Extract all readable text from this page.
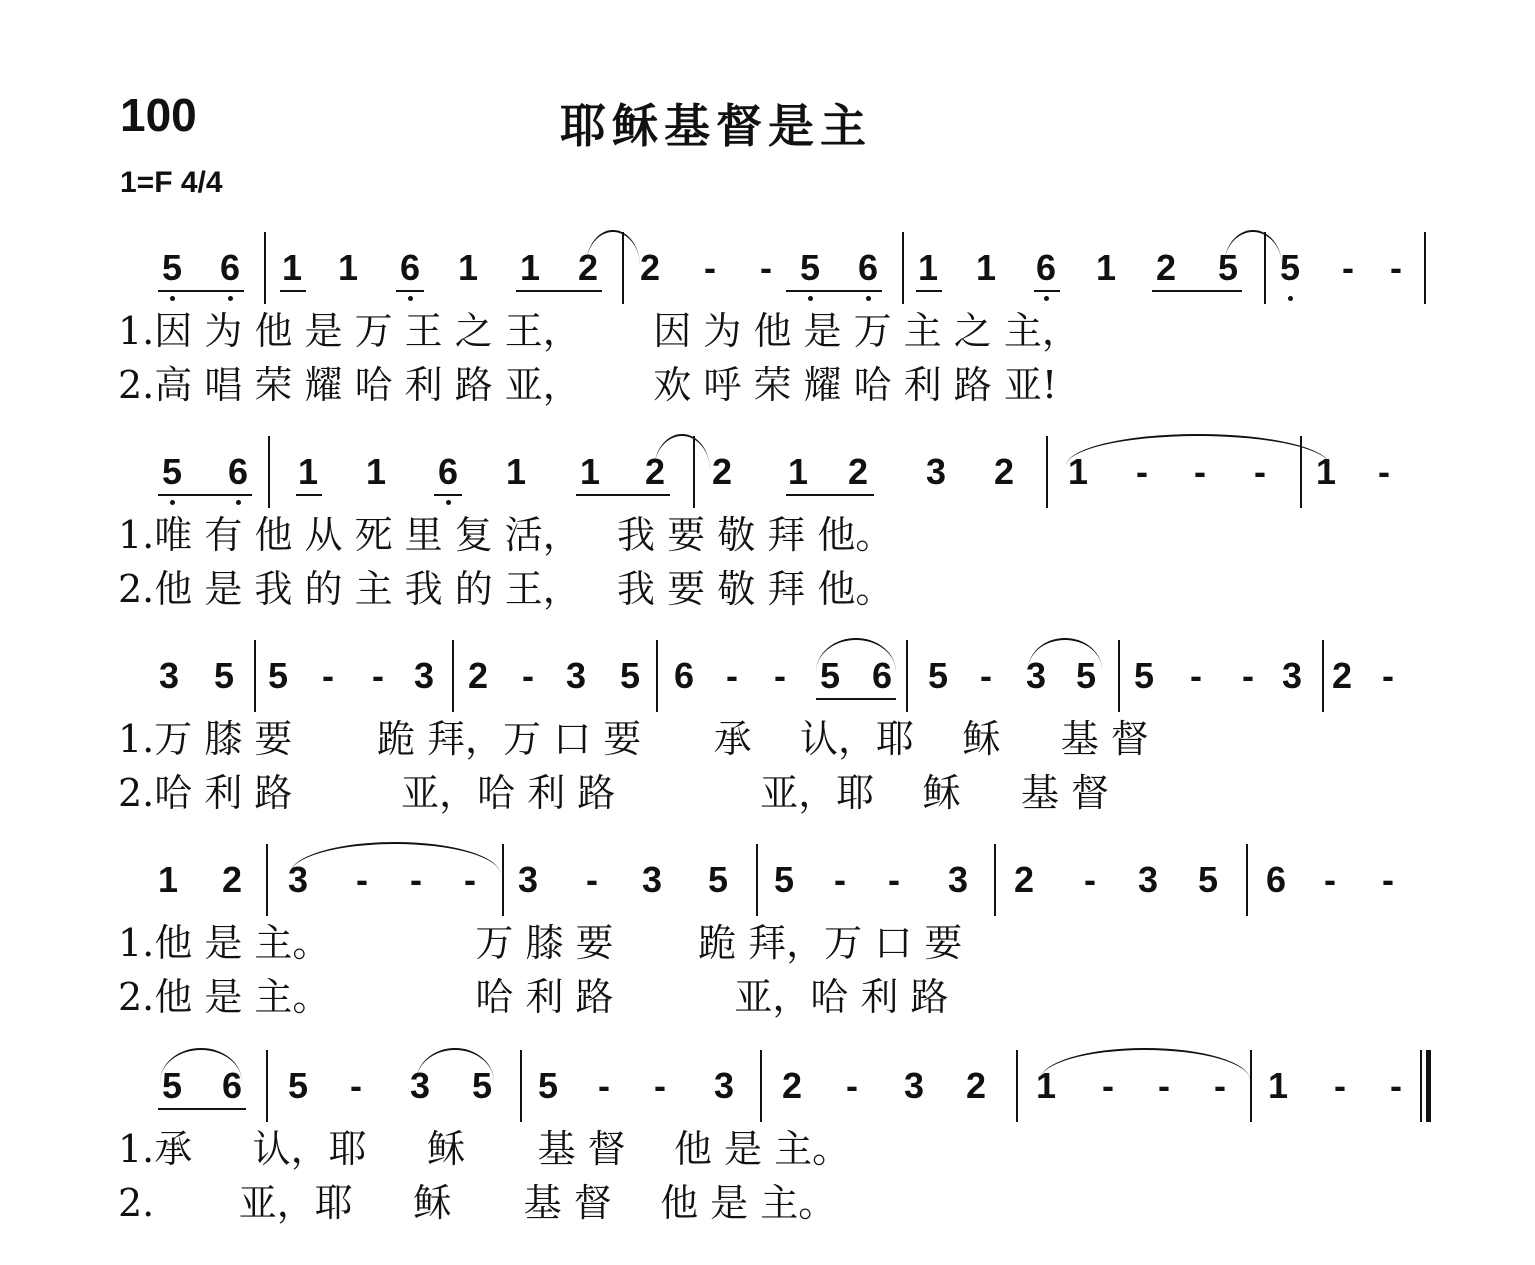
100	耶稣基督是主
1=F 4/4
5 6 1 1 6 1 1 2 2 - - 5 6 1 1 6 1 2 5 5 - -
1.因 为 他 是 万 王 之 王，      因 为 他 是 万 主 之 主，
2.高 唱 荣 耀 哈 利 路 亚，      欢 呼 荣 耀 哈 利 路 亚!
5 6 1 1 6 1 1 2 2 1 2 3 2 1 - - - 1 -
1.唯 有 他 从 死 里 复 活，   我 要 敬 拜 他。
2.他 是 我 的 主 我 的 王，   我 要 敬 拜 他。
3 5 5 - - 3 2 - 3 5 6 - - 5 6 5 - 3 5 5 - - 3 2 -
1.万 膝 要       跪 拜，万 口 要      承    认，耶    稣     基 督
2.哈 利 路         亚，哈 利 路            亚，耶    稣     基 督
1 2 3 - - - 3 - 3 5 5 - - 3 2 - 3 5 6 - -
1.他 是 主。            万 膝 要       跪 拜，万 口 要
2.他 是 主。            哈 利 路          亚，哈 利 路
5 6 5 - 3 5 5 - - 3 2 - 3 2 1 - - - 1 - -
1.承     认，耶     稣      基 督    他 是 主。
2.       亚，耶     稣      基 督    他 是 主。
